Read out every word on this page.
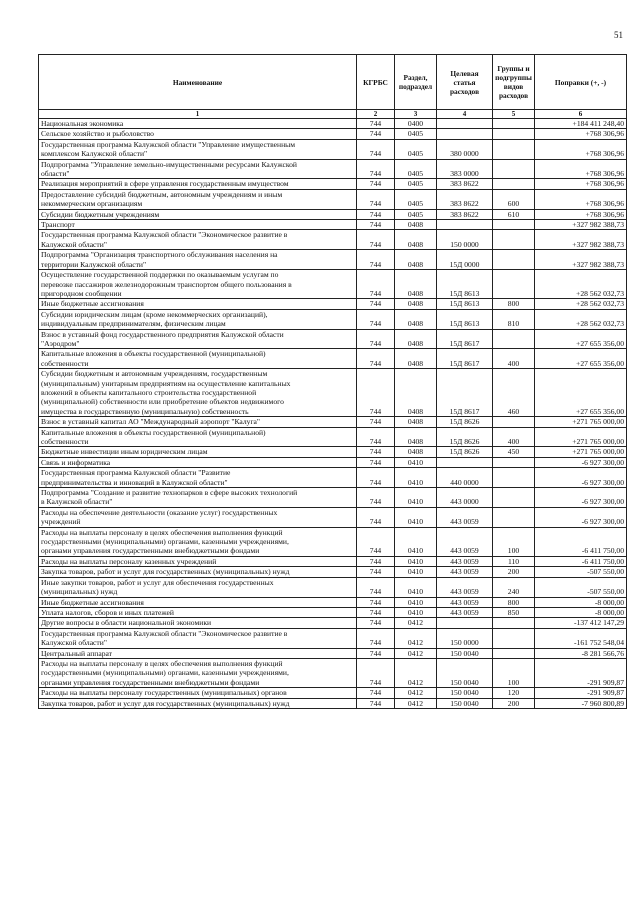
51
Наименование	КГРБС	Раздел, подраздел	Целевая статья расходов	Группы и подгруппы видов расходов	Поправки (+, -)
1	2	3	4	5	6
Национальная экономика	744	0400			+184 411 248,40
Сельское хозяйство и рыболовство	744	0405			+768 306,96
Государственная программа Калужской области "Управление имущественным
комплексом Калужской области"	744	0405	380 0000		+768 306,96
Подпрограмма "Управление земельно-имущественными ресурсами Калужской
области"	744	0405	383 0000		+768 306,96
Реализация мероприятий в сфере управления государственным имуществом	744	0405	383 8622		+768 306,96
Предоставление субсидий бюджетным, автономным учреждениям и иным
некоммерческим организациям	744	0405	383 8622	600	+768 306,96
Субсидии бюджетным учреждениям	744	0405	383 8622	610	+768 306,96
Транспорт	744	0408			+327 982 388,73
Государственная программа Калужской области "Экономическое развитие в
Калужской области"	744	0408	150 0000		+327 982 388,73
Подпрограмма "Организация транспортного обслуживания населения на
территории Калужской области"	744	0408	15Д 0000		+327 982 388,73
Осуществление государственной поддержки по оказываемым услугам по
перевозке пассажиров железнодорожным транспортом общего пользования в
пригородном сообщении	744	0408	15Д 8613		+28 562 032,73
Иные бюджетные ассигнования	744	0408	15Д 8613	800	+28 562 032,73
Субсидии юридическим лицам (кроме некоммерческих организаций),
индивидуальным предпринимателям, физическим лицам	744	0408	15Д 8613	810	+28 562 032,73
Взнос в уставный фонд государственного предприятия Калужской области
"Аэродром"	744	0408	15Д 8617		+27 655 356,00
Капитальные вложения в объекты государственной (муниципальной)
собственности	744	0408	15Д 8617	400	+27 655 356,00
Субсидии бюджетным и автономным учреждениям, государственным
(муниципальным) унитарным предприятиям на осуществление капитальных
вложений в объекты капитального строительства государственной
(муниципальной) собственности или приобретение объектов недвижимого
имущества в государственную (муниципальную) собственность	744	0408	15Д 8617	460	+27 655 356,00
Взнос в уставный капитал АО "Международный аэропорт "Калуга"	744	0408	15Д 8626		+271 765 000,00
Капитальные вложения в объекты государственной (муниципальной)
собственности	744	0408	15Д 8626	400	+271 765 000,00
Бюджетные инвестиции иным юридическим лицам	744	0408	15Д 8626	450	+271 765 000,00
Связь и информатика	744	0410			-6 927 300,00
Государственная программа Калужской области "Развитие
предпринимательства и инноваций в Калужской области"	744	0410	440 0000		-6 927 300,00
Подпрограмма "Создание и развитие технопарков в сфере высоких технологий
в Калужской области"	744	0410	443 0000		-6 927 300,00
Расходы на обеспечение деятельности (оказание услуг) государственных
учреждений	744	0410	443 0059		-6 927 300,00
Расходы на выплаты персоналу в целях обеспечения выполнения функций
государственными (муниципальными) органами, казенными учреждениями,
органами управления государственными внебюджетными фондами	744	0410	443 0059	100	-6 411 750,00
Расходы на выплаты персоналу казенных учреждений	744	0410	443 0059	110	-6 411 750,00
Закупка товаров, работ и услуг для государственных (муниципальных) нужд	744	0410	443 0059	200	-507 550,00
Иные закупки товаров, работ и услуг для обеспечения государственных
(муниципальных) нужд	744	0410	443 0059	240	-507 550,00
Иные бюджетные ассигнования	744	0410	443 0059	800	-8 000,00
Уплата налогов, сборов и иных платежей	744	0410	443 0059	850	-8 000,00
Другие вопросы в области национальной экономики	744	0412			-137 412 147,29
Государственная программа Калужской области "Экономическое развитие в
Калужской области"	744	0412	150 0000		-161 752 548,04
Центральный аппарат	744	0412	150 0040		-8 281 566,76
Расходы на выплаты персоналу в целях обеспечения выполнения функций
государственными (муниципальными) органами, казенными учреждениями,
органами управления государственными внебюджетными фондами	744	0412	150 0040	100	-291 909,87
Расходы на выплаты персоналу государственных (муниципальных) органов	744	0412	150 0040	120	-291 909,87
Закупка товаров, работ и услуг для государственных (муниципальных) нужд	744	0412	150 0040	200	-7 960 800,89
